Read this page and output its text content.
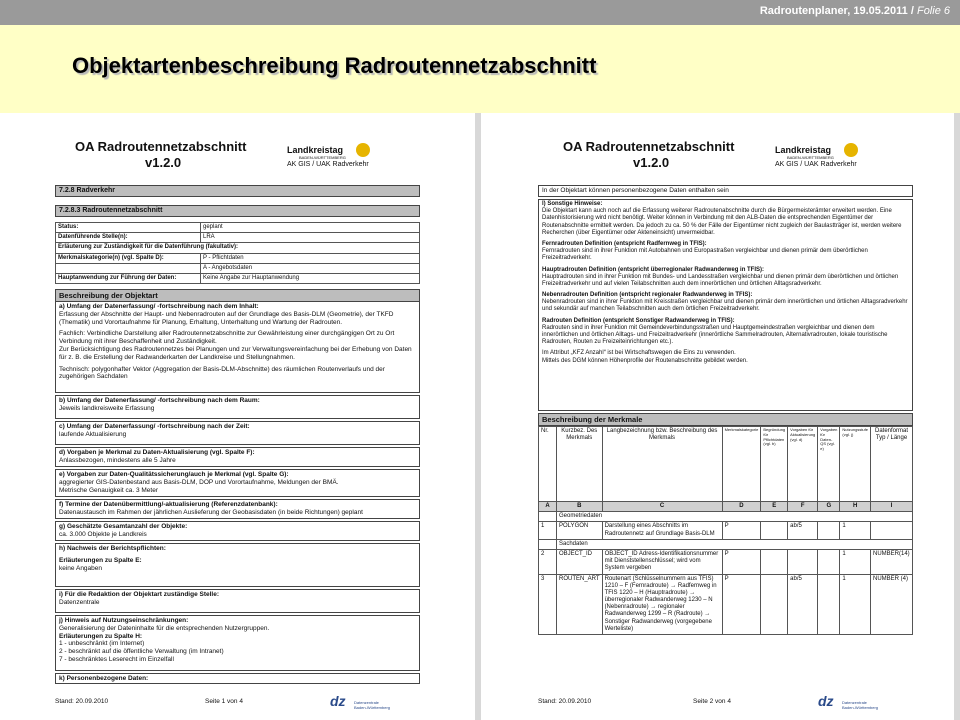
Radroutenplaner, 19.05.2011 / Folie 6
Objektartenbeschreibung Radroutennetzabschnitt
OA Radroutennetzabschnitt
v1.2.0
Landkreistag
BADEN-WÜRTTEMBERG
AK GIS / UAK Radverkehr
7.2.8 Radverkehr
7.2.8.3 Radroutennetzabschnitt
Status:	geplant
Datenführende Stelle(n):	LRA
Erläuterung zur Zuständigkeit für die Datenführung (fakultativ):	
Merkmalskategorie(n) (vgl. Spalte D):	P - Pflichtdaten
	A - Angebotsdaten
Hauptanwendung zur Führung der Daten:	Keine Angabe zur Hauptanwendung
Beschreibung der Objektart
a) Umfang der Datenerfassung/ -fortschreibung nach dem Inhalt:
Erfassung der Abschnitte der Haupt- und Nebenradrouten auf der Grundlage des Basis-DLM (Geometrie), der TKFD (Thematik) und Vorortaufnahme für Planung, Erhaltung, Unterhaltung und Wartung der Radrouten.
Fachlich: Verbindliche Darstellung aller Radroutennetzabschnitte zur Gewährleistung einer durchgängigen Ort zu Ort Verbindung mit ihrer Beschaffenheit und Zuständigkeit.
Zur Berücksichtigung des Radroutennetzes bei Planungen und zur Verwaltungsvereinfachung bei der Erhebung von Daten für z. B. die Erstellung der Radwanderkarten der Landkreise und Stellungnahmen.
Technisch: polygonhafter Vektor (Aggregation der Basis-DLM-Abschnitte) des räumlichen Routenverlaufs und der zugehörigen Sachdaten
b) Umfang der Datenerfassung/ -fortschreibung nach dem Raum:
Jeweils landkreisweite Erfassung
c) Umfang der Datenerfassung/ -fortschreibung nach der Zeit:
laufende Aktualisierung
d) Vorgaben je Merkmal zu Daten-Aktualisierung (vgl. Spalte F):
Anlassbezogen, mindestens alle 5 Jahre
e) Vorgaben zur Daten-Qualitätssicherung/auch je Merkmal (vgl. Spalte G):
aggregierter GIS-Datenbestand aus Basis-DLM, DOP und Vorortaufnahme, Meldungen der BMÄ.
Metrische Genauigkeit ca. 3 Meter
f) Termine der Datenübermittlung/-aktualisierung (Referenzdatenbank):
Datenaustausch im Rahmen der jährlichen Auslieferung der Geobasisdaten (in beide Richtungen) geplant
g) Geschätzte Gesamtanzahl der Objekte:
ca. 3.000 Objekte je Landkreis
h) Nachweis der Berichtspflichten:
Erläuterungen zu Spalte E:
keine Angaben
i) Für die Redaktion der Objektart zuständige Stelle:
Datenzentrale
j) Hinweis auf Nutzungseinschränkungen:
Generalisierung der Dateninhalte für die entsprechenden Nutzergruppen.
Erläuterungen zu Spalte H:
1 - unbeschränkt (im Internet)
2 - beschränkt auf die öffentliche Verwaltung (im Intranet)
7 - beschränktes Leserecht im Einzelfall
k) Personenbezogene Daten:
Stand: 20.09.2010	Seite 1 von 4	dz Datenzentrale
Baden-Württemberg
OA Radroutennetzabschnitt
v1.2.0
Landkreistag
BADEN-WÜRTTEMBERG
AK GIS / UAK Radverkehr
In der Objektart können personenbezogene Daten enthalten sein
l) Sonstige Hinweise:
Die Objektart kann auch noch auf die Erfassung weiterer Radroutenabschnitte durch die Bürgermeisterämter erweitert werden. Eine Datenhistorisierung wird nicht benötigt. Weiter können in Verbindung mit den ALB-Daten die entsprechenden Eigentümer der Routenabschnitte ermittelt werden. Da jedoch zu ca. 50 % der Fälle der Eigentümer nicht zugleich der Baulastträger ist, werden weitere Recherchen (über Eigentümer oder Akteneinsicht) unvermeidbar.
Fernradrouten Definition (entspricht Radfernweg in TFIS):
Fernradrouten sind in ihrer Funktion mit Autobahnen und Europastraßen vergleichbar und dienen primär dem überörtlichen Freizeitradverkehr.
Hauptradrouten Definition (entspricht überregionaler Radwanderweg in TFIS):
Hauptradrouten sind in ihrer Funktion mit Bundes- und Landesstraßen vergleichbar und dienen primär dem überörtlichen und örtlichen Freizeitradverkehr und auf vielen Teilabschnitten auch dem innerörtlichen und örtlichen Alltagsradverkehr.
Nebenradrouten Definition (entspricht regionaler Radwanderweg in TFIS):
Nebenradrouten sind in ihrer Funktion mit Kreisstraßen vergleichbar und dienen primär dem innerörtlichen und örtlichen Alltagsradverkehr und sekundär auf manchen Teilabschnitten auch dem örtlichen Freizeitradverkehr.
Radrouten Definition (entspricht Sonstiger Radwanderweg in TFIS):
Radrouten sind in ihrer Funktion mit Gemeindeverbindungsstraßen und Hauptgemeindestraßen vergleichbar und dienen dem innerörtlichen und örtlichen Alltags- und Freizeitradverkehr (innerörtliche Sammelradrouten, Alternativradrouten, lokale touristische Radrouten, Routen zu Freizeiteinrichtungen etc.).
Im Attribut „KFZ Anzahl“ ist bei Wirtschaftswegen die Eins zu verwenden.
Mittels des DGM können Höhenprofile der Routenabschnitte gebildet werden.
Beschreibung der Merkmale
Nr.	Kurzbez. Des Merkmals	Langbezeichnung bzw. Beschreibung des Merkmals	Merkmalskategorie	Begründung für Pflichtdaten (vgl. b)	Vorgaben für Aktualisierung (vgl. d)	Vorgaben für Daten-QS (vgl. e)	Nutzungsstufe (vgl. j)	Datenformat Typ / Länge
A	B	C	D	E	F	G	H	I
	Geometriedaten							
1	POLYGON	Darstellung eines Abschnitts im Radroutennetz auf Grundlage Basis-DLM	P		ab/5		1	
	Sachdaten							
2	OBJECT_ID	OBJECT_ID Adress-Identifikationsnummer mit Dienststellenschlüssel; wird vom System vergeben	P				1	NUMBER(14)
3	ROUTEN_ART	Routenart (Schlüsselnummern aus TFIS) 1210 – F (Fernradroute) → Radfernweg in TFIS 1220 – H (Hauptradroute) → überregionaler Radwanderweg 1230 – N (Nebenradroute) → regionaler Radwanderweg 1299 – R (Radroute) → Sonstiger Radwanderweg (vorgegebene Werteliste)	P		ab/5		1	NUMBER (4)
Stand: 20.09.2010	Seite 2 von 4	dz Datenzentrale
Baden-Württemberg
